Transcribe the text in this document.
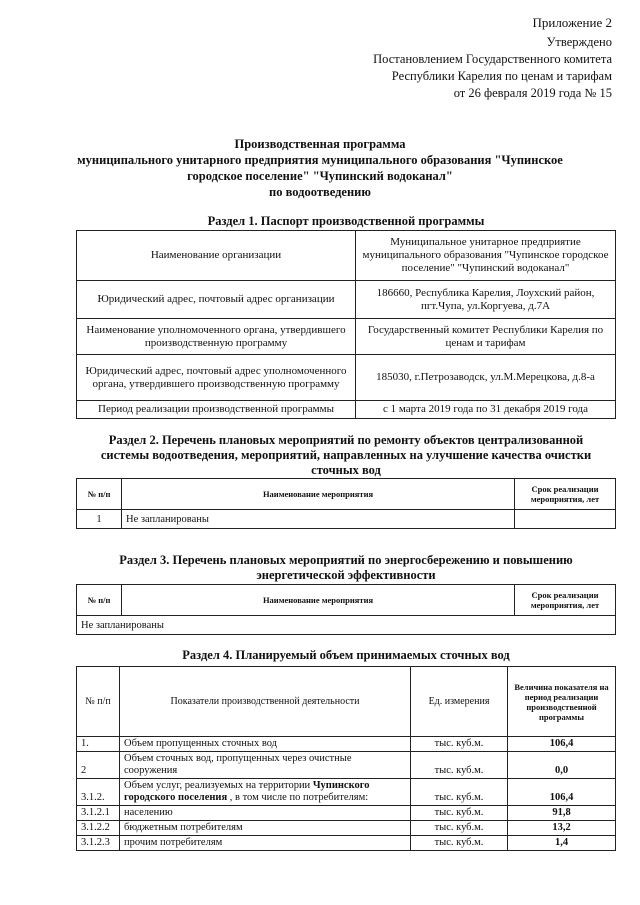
Приложение 2
Утверждено
Постановлением Государственного комитета
Республики Карелия по ценам и тарифам
от 26 февраля 2019 года № 15
Производственная программа
муниципального унитарного предприятия муниципального образования "Чупинское
городское поселение" "Чупинский водоканал"
по водоотведению
Раздел 1. Паспорт производственной программы
Наименование организации	Муниципальное унитарное предприятие муниципального образования "Чупинское городское поселение" "Чупинский водоканал"
Юридический адрес, почтовый адрес организации	186660, Республика Карелия, Лоухский район, пгт.Чупа, ул.Коргуева, д.7А
Наименование уполномоченного органа, утвердившего производственную программу	Государственный комитет Республики Карелия по ценам и тарифам
Юридический адрес, почтовый адрес уполномоченного органа, утвердившего производственную программу	185030, г.Петрозаводск, ул.М.Мерецкова, д.8-а
Период реализации производственной программы	с 1 марта 2019 года по 31 декабря 2019 года
Раздел 2. Перечень плановых мероприятий по ремонту объектов централизованной системы водоотведения, мероприятий, направленных на улучшение качества очистки сточных вод
№ п/п	Наименование мероприятия	Срок реализации мероприятия, лет
1	Не запланированы	
Раздел 3. Перечень плановых мероприятий по энергосбережению и повышению энергетической эффективности
№ п/п	Наименование мероприятия	Срок реализации мероприятия, лет
Не запланированы
Раздел 4. Планируемый объем принимаемых сточных вод
№ п/п	Показатели производственной деятельности	Ед. измерения	Величина показателя на период реализации производственной программы
1.	Объем пропущенных сточных вод	тыс. куб.м.	106,4
2	Объем сточных вод, пропущенных через очистные сооружения	тыс. куб.м.	0,0
3.1.2.	Объем услуг, реализуемых на территории Чупинского городского поселения , в том числе по потребителям:	тыс. куб.м.	106,4
3.1.2.1	населению	тыс. куб.м.	91,8
3.1.2.2	бюджетным потребителям	тыс. куб.м.	13,2
3.1.2.3	прочим потребителям	тыс. куб.м.	1,4
